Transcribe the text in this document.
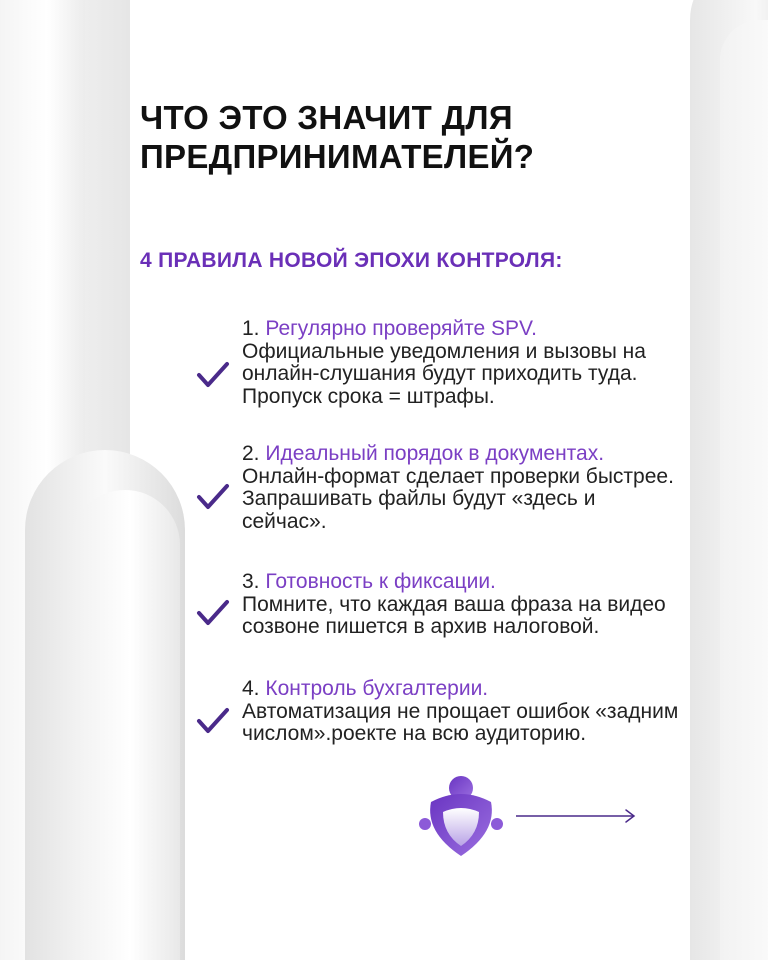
ЧТО ЭТО ЗНАЧИТ ДЛЯ
ПРЕДПРИНИМАТЕЛЕЙ?
4 ПРАВИЛА НОВОЙ ЭПОХИ КОНТРОЛЯ:
1. Регулярно проверяйте SPV.
Официальные уведомления и вызовы на онлайн-слушания будут приходить туда. Пропуск срока = штрафы.
2. Идеальный порядок в документах. Онлайн-формат сделает проверки быстрее. Запрашивать файлы будут «здесь и сейчас».
3. Готовность к фиксации.
Помните, что каждая ваша фраза на видео созвоне пишется в архив налоговой.
4. Контроль бухгалтерии.
Автоматизация не прощает ошибок «задним числом».роекте на всю аудиторию.
